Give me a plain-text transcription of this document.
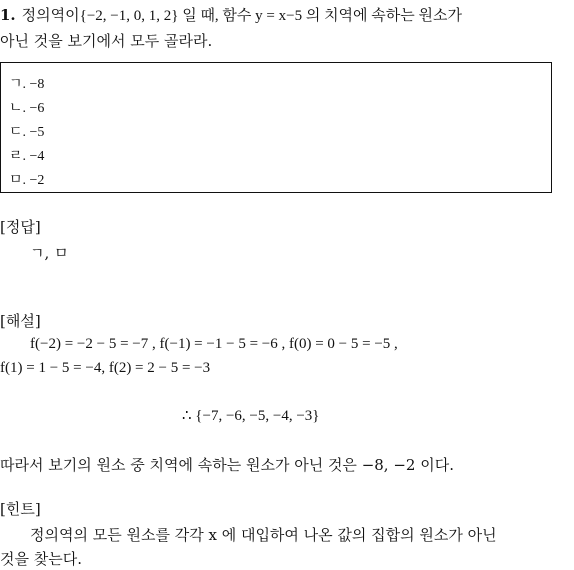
1. 정의역이{−2, −1, 0, 1, 2} 일 때, 함수 y = x−5 의 치역에 속하는 원소가
아닌 것을 보기에서 모두 골라라.
ㄱ. −8
ㄴ. −6
ㄷ. −5
ㄹ. −4
ㅁ. −2
[정답]
ㄱ, ㅁ
[해설]
f(−2) = −2 − 5 = −7 , f(−1) = −1 − 5 = −6 , f(0) = 0 − 5 = −5 ,
f(1) = 1 − 5 = −4, f(2) = 2 − 5 = −3
∴ {−7, −6, −5, −4, −3}
따라서 보기의 원소 중 치역에 속하는 원소가 아닌 것은 −8, −2 이다.
[힌트]
정의역의 모든 원소를 각각 x 에 대입하여 나온 값의 집합의 원소가 아닌
것을 찾는다.
